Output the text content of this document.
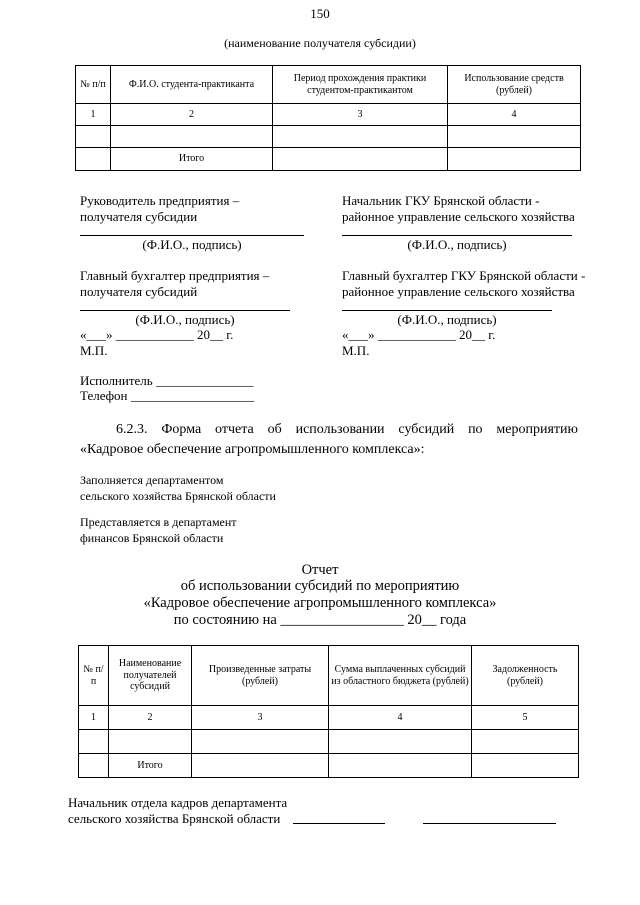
150
(наименование получателя субсидии)
№ п/п	Ф.И.О. студента-практиканта	Период прохождения практики студентом-практикантом	Использование средств (рублей)
1	2	3	4

	Итого		
Руководитель предприятия –
получателя субсидии
Начальник ГКУ Брянской области -
районное управление сельского хозяйства
(Ф.И.О., подпись)	(Ф.И.О., подпись)
Главный бухгалтер предприятия –
получателя субсидий
Главный бухгалтер ГКУ Брянской области -
районное управление сельского хозяйства
(Ф.И.О., подпись)	(Ф.И.О., подпись)
«___» ____________ 20__ г.	«___» ____________ 20__ г.
М.П.	М.П.
Исполнитель _______________
Телефон ___________________
6.2.3. Форма отчета об использовании субсидий по мероприятию
«Кадровое обеспечение агропромышленного комплекса»:
Заполняется департаментом
сельского хозяйства Брянской области
Представляется в департамент
финансов Брянской области
Отчет
об использовании субсидий по мероприятию
«Кадровое обеспечение агропромышленного комплекса»
по состоянию на _________________ 20__ года
№ п/п	Наименование получателей субсидий	Произведенные затраты (рублей)	Сумма выплаченных субсидий из областного бюджета (рублей)	Задолженность (рублей)
1	2	3	4	5

	Итого			
Начальник отдела кадров департамента
сельского хозяйства Брянской области
